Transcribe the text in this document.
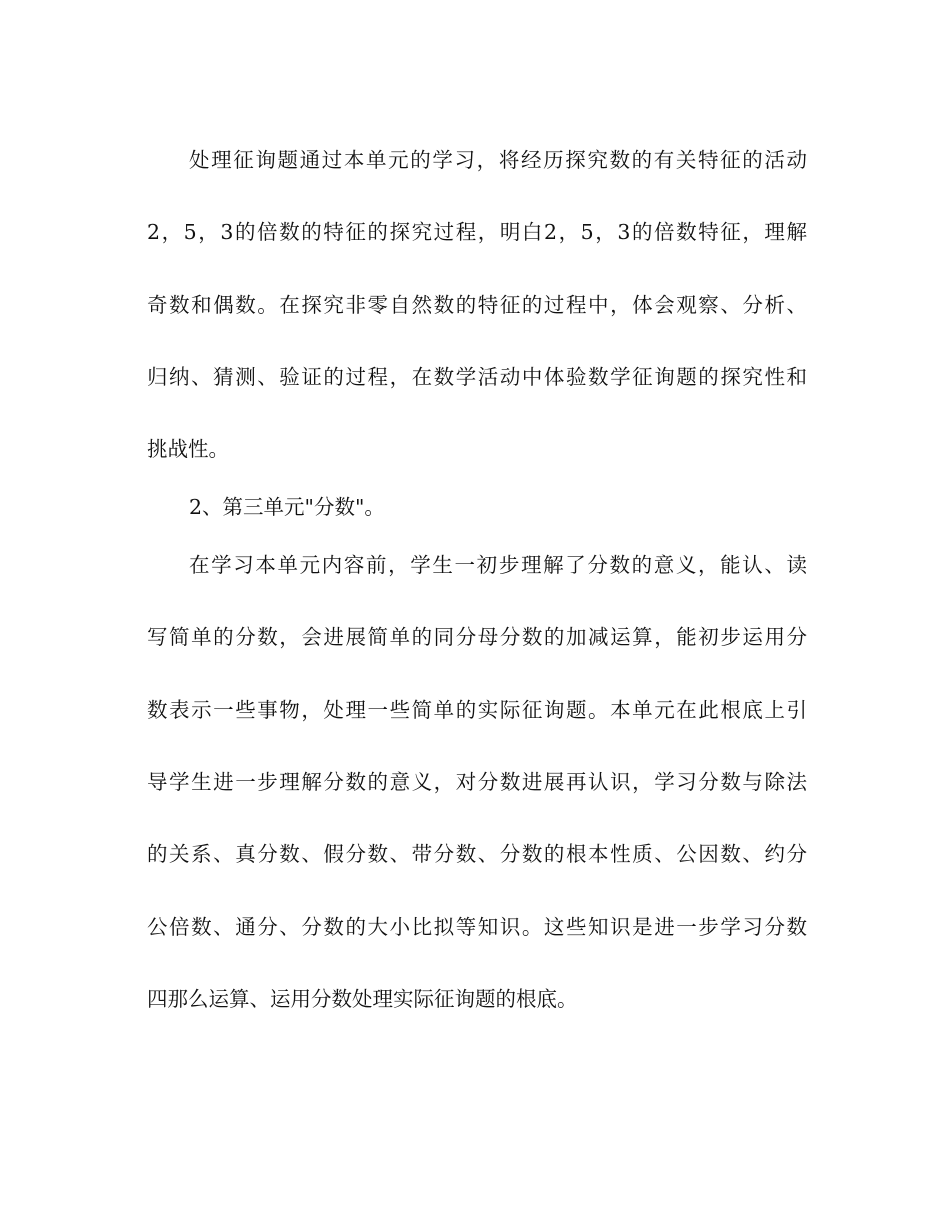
处理征询题通过本单元的学习，将经历探究数的有关特征的活动
2，5，3的倍数的特征的探究过程，明白2，5，3的倍数特征，理解
奇数和偶数。在探究非零自然数的特征的过程中，体会观察、分析、
归纳、猜测、验证的过程，在数学活动中体验数学征询题的探究性和
挑战性。
2、第三单元"分数"。
在学习本单元内容前，学生一初步理解了分数的意义，能认、读
写简单的分数，会进展简单的同分母分数的加减运算，能初步运用分
数表示一些事物，处理一些简单的实际征询题。本单元在此根底上引
导学生进一步理解分数的意义，对分数进展再认识，学习分数与除法
的关系、真分数、假分数、带分数、分数的根本性质、公因数、约分
公倍数、通分、分数的大小比拟等知识。这些知识是进一步学习分数
四那么运算、运用分数处理实际征询题的根底。
